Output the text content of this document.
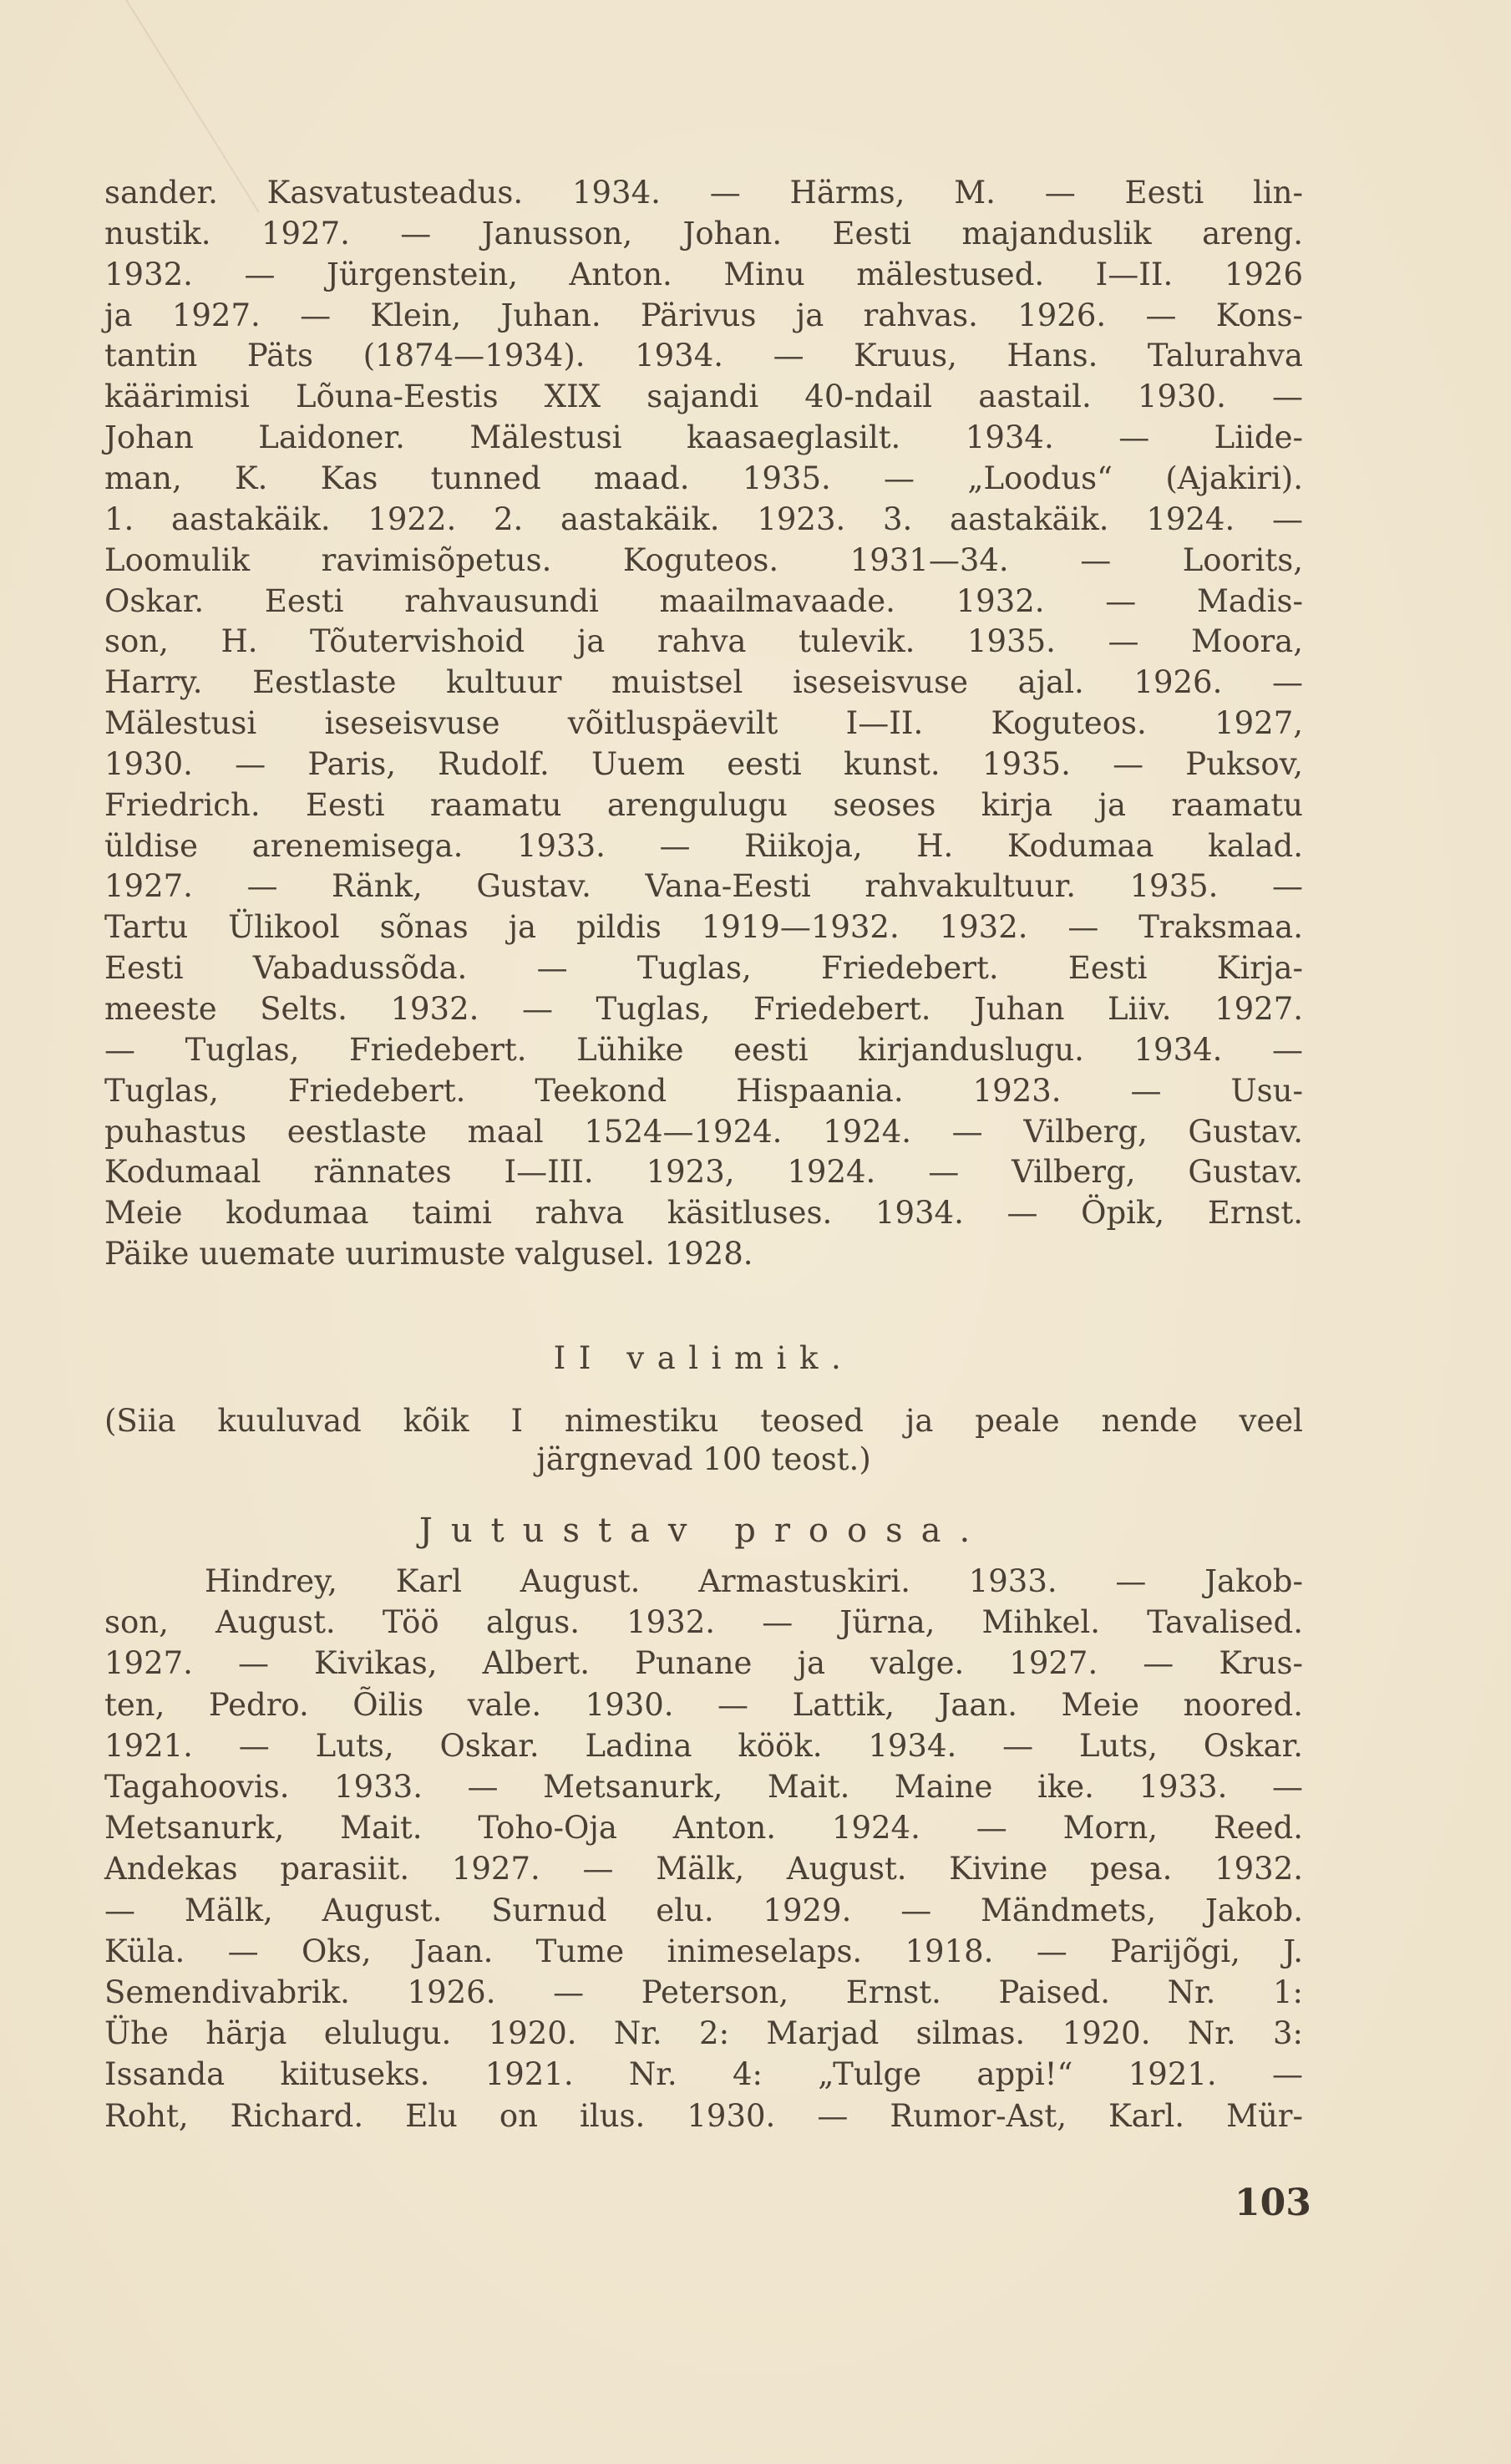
sander. Kasvatusteadus. 1934. — Härms, M. — Eesti lin-
nustik. 1927. — Janusson, Johan. Eesti majanduslik areng.
1932. — Jürgenstein, Anton. Minu mälestused. I—II. 1926
ja 1927. — Klein, Juhan. Pärivus ja rahvas. 1926. — Kons-
tantin Päts (1874—1934). 1934. — Kruus, Hans. Talurahva
käärimisi Lõuna-Eestis XIX sajandi 40-ndail aastail. 1930. —
Johan Laidoner. Mälestusi kaasaeglasilt. 1934. — Liide-
man, K. Kas tunned maad. 1935. — „Loodus“ (Ajakiri).
1. aastakäik. 1922. 2. aastakäik. 1923. 3. aastakäik. 1924. —
Loomulik ravimisõpetus. Koguteos. 1931—34. — Loorits,
Oskar. Eesti rahvausundi maailmavaade. 1932. — Madis-
son, H. Tõutervishoid ja rahva tulevik. 1935. — Moora,
Harry. Eestlaste kultuur muistsel iseseisvuse ajal. 1926. —
Mälestusi iseseisvuse võitluspäevilt I—II. Koguteos. 1927,
1930. — Paris, Rudolf. Uuem eesti kunst. 1935. — Puksov,
Friedrich. Eesti raamatu arengulugu seoses kirja ja raamatu
üldise arenemisega. 1933. — Riikoja, H. Kodumaa kalad.
1927. — Ränk, Gustav. Vana-Eesti rahvakultuur. 1935. —
Tartu Ülikool sõnas ja pildis 1919—1932. 1932. — Traksmaa.
Eesti Vabadussõda. — Tuglas, Friedebert. Eesti Kirja-
meeste Selts. 1932. — Tuglas, Friedebert. Juhan Liiv. 1927.
— Tuglas, Friedebert. Lühike eesti kirjanduslugu. 1934. —
Tuglas, Friedebert. Teekond Hispaania. 1923. — Usu-
puhastus eestlaste maal 1524—1924. 1924. — Vilberg, Gustav.
Kodumaal rännates I—III. 1923, 1924. — Vilberg, Gustav.
Meie kodumaa taimi rahva käsitluses. 1934. — Öpik, Ernst.
Päike uuemate uurimuste valgusel. 1928.
II valimik.
(Siia kuuluvad kõik I nimestiku teosed ja peale nende veel
järgnevad 100 teost.)
Jutustav proosa.
Hindrey, Karl August. Armastuskiri. 1933. — Jakob-
son, August. Töö algus. 1932. — Jürna, Mihkel. Tavalised.
1927. — Kivikas, Albert. Punane ja valge. 1927. — Krus-
ten, Pedro. Õilis vale. 1930. — Lattik, Jaan. Meie noored.
1921. — Luts, Oskar. Ladina köök. 1934. — Luts, Oskar.
Tagahoovis. 1933. — Metsanurk, Mait. Maine ike. 1933. —
Metsanurk, Mait. Toho-Oja Anton. 1924. — Morn, Reed.
Andekas parasiit. 1927. — Mälk, August. Kivine pesa. 1932.
— Mälk, August. Surnud elu. 1929. — Mändmets, Jakob.
Küla. — Oks, Jaan. Tume inimeselaps. 1918. — Parijõgi, J.
Semendivabrik. 1926. — Peterson, Ernst. Paised. Nr. 1:
Ühe härja elulugu. 1920. Nr. 2: Marjad silmas. 1920. Nr. 3:
Issanda kiituseks. 1921. Nr. 4: „Tulge appi!“ 1921. —
Roht, Richard. Elu on ilus. 1930. — Rumor-Ast, Karl. Mür-
103
